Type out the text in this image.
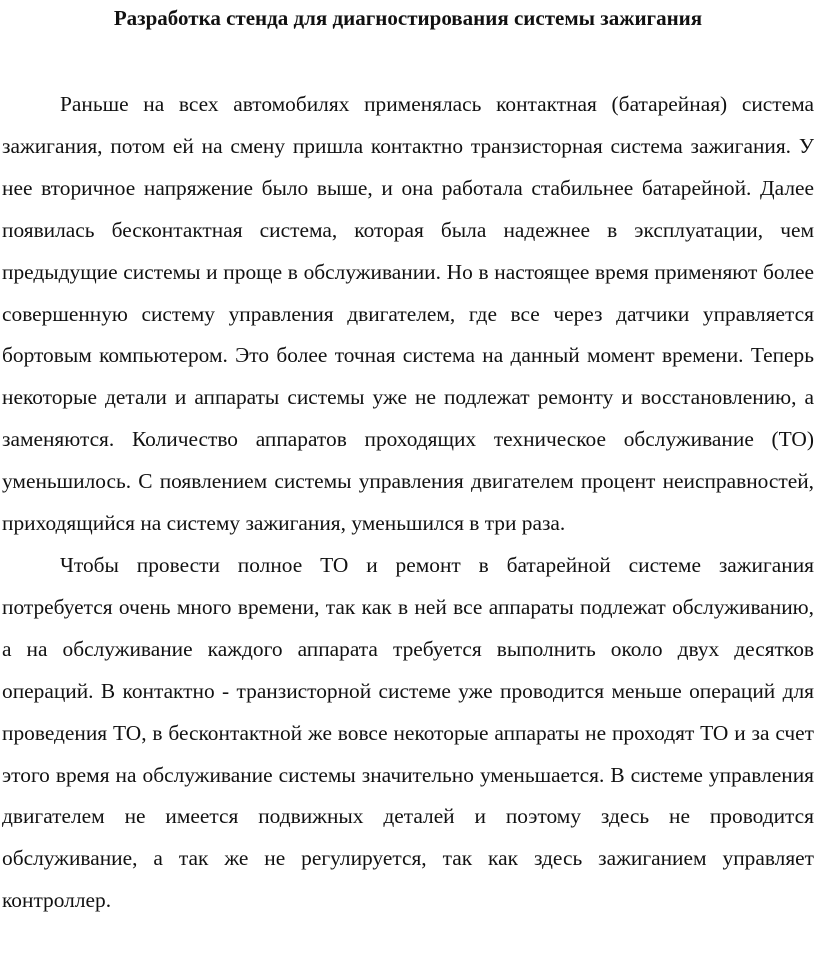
Разработка стенда для диагностирования системы зажигания

Раньше на всех автомобилях применялась контактная (батарейная) система зажигания, потом ей на смену пришла контактно транзисторная система зажигания. У нее вторичное напряжение было выше, и она работала стабильнее батарейной. Далее появилась бесконтактная система, которая была надежнее в эксплуатации, чем предыдущие системы и проще в обслуживании. Но в настоящее время применяют более совершенную систему управления двигателем, где все через датчики управляется бортовым компьютером. Это более точная система на данный момент времени. Теперь некоторые детали и аппараты системы уже не подлежат ремонту и восстановлению, а заменяются. Количество аппаратов проходящих техническое обслуживание (ТО) уменьшилось. С появлением системы управления двигателем процент неисправностей, приходящийся на систему зажигания, уменьшился в три раза.

Чтобы провести полное ТО и ремонт в батарейной системе зажигания потребуется очень много времени, так как в ней все аппараты подлежат обслуживанию, а на обслуживание каждого аппарата требуется выполнить около двух десятков операций. В контактно - транзисторной системе уже проводится меньше операций для проведения ТО, в бесконтактной же вовсе некоторые аппараты не проходят ТО и за счет этого время на обслуживание системы значительно уменьшается. В системе управления двигателем не имеется подвижных деталей и поэтому здесь не проводится обслуживание, а так же не регулируется, так как здесь зажиганием управляет контроллер.
